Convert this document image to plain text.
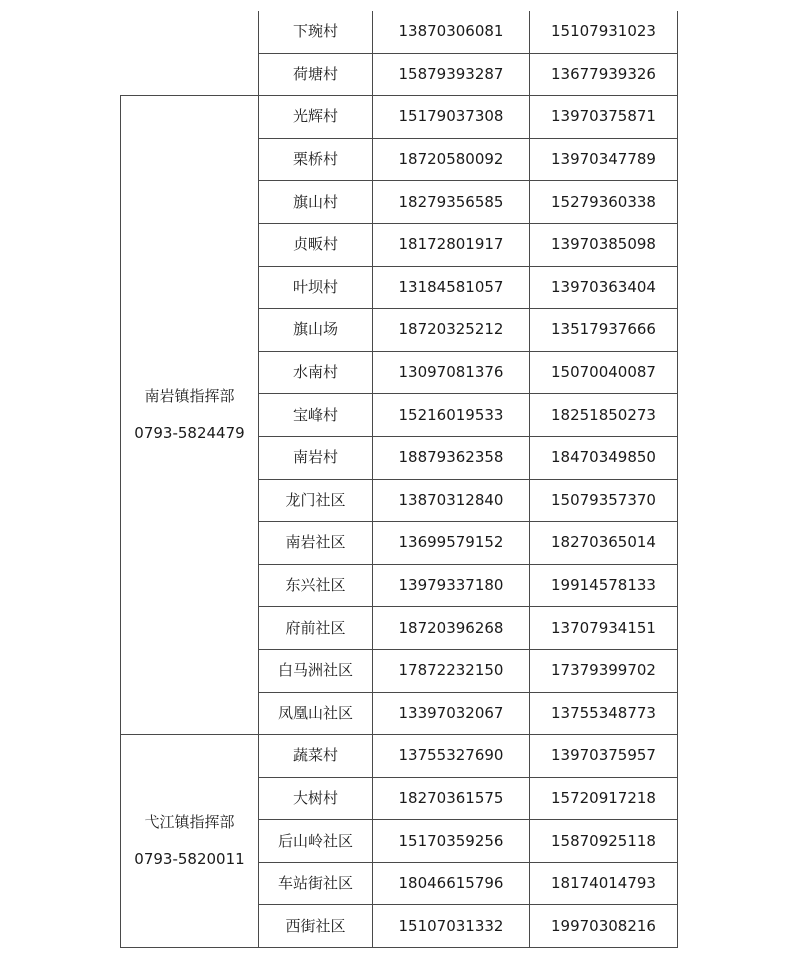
	下琬村	13870306081	15107931023
	荷塘村	15879393287	13677939326

南岩镇指挥部
0793-5824479	光辉村	15179037308	13970375871
	栗桥村	18720580092	13970347789
	旗山村	18279356585	15279360338
	贞畈村	18172801917	13970385098
	叶坝村	13184581057	13970363404
	旗山场	18720325212	13517937666
	水南村	13097081376	15070040087
	宝峰村	15216019533	18251850273
	南岩村	18879362358	18470349850
	龙门社区	13870312840	15079357370
	南岩社区	13699579152	18270365014
	东兴社区	13979337180	19914578133
	府前社区	18720396268	13707934151
	白马洲社区	17872232150	17379399702
	凤凰山社区	13397032067	13755348773

弋江镇指挥部
0793-5820011	蔬菜村	13755327690	13970375957
	大树村	18270361575	15720917218
	后山岭社区	15170359256	15870925118
	车站街社区	18046615796	18174014793
	西街社区	15107031332	19970308216
